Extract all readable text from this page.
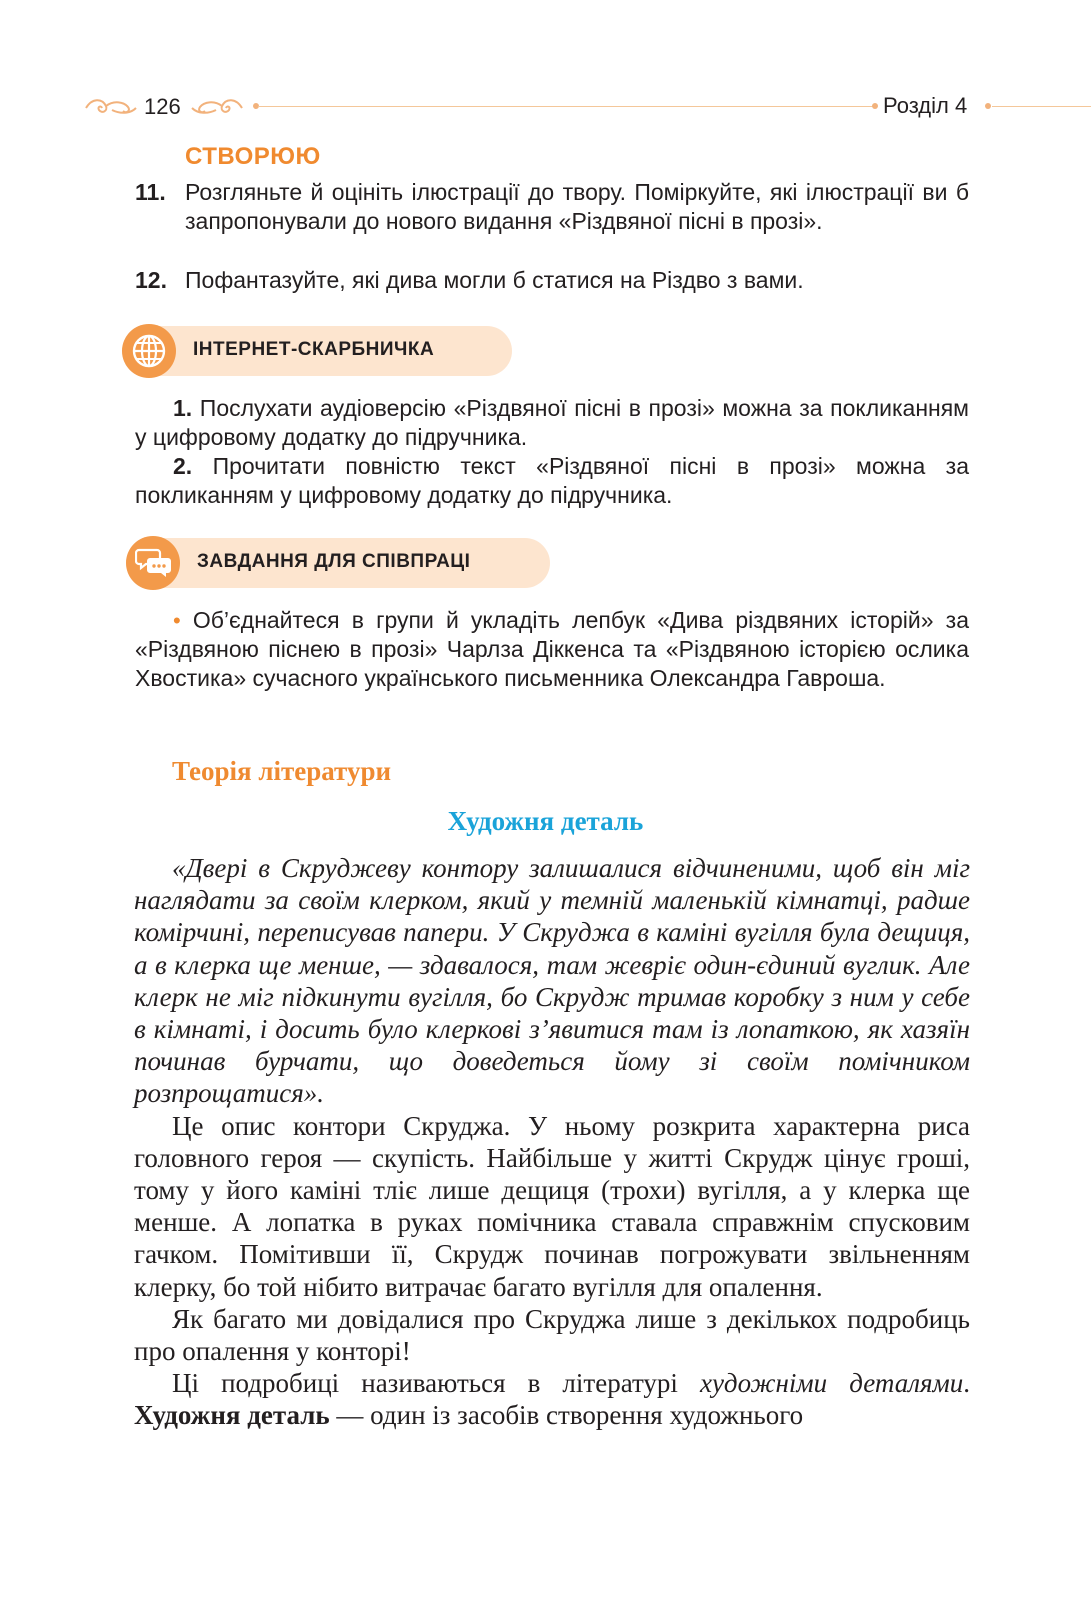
126	Розділ 4
СТВОРЮЮ
11. Розгляньте й оцініть ілюстрації до твору. Поміркуйте, які ілюстрації ви б запропонували до нового видання «Різдвяної пісні в прозі».
12. Пофантазуйте, які дива могли б статися на Різдво з вами.
ІНТЕРНЕТ-СКАРБНИЧКА
1. Послухати аудіоверсію «Різдвяної пісні в прозі» можна за покликанням у цифровому додатку до підручника.
2. Прочитати повністю текст «Різдвяної пісні в прозі» можна за покликанням у цифровому додатку до підручника.
ЗАВДАННЯ ДЛЯ СПІВПРАЦІ
• Об’єднайтеся в групи й укладіть лепбук «Дива різдвяних історій» за «Різдвяною піснею в прозі» Чарлза Діккенса та «Різдвяною історією ослика Хвостика» сучасного українського письменника Олександра Гавроша.
Теорія літератури
Художня деталь

«Двері в Скруджеву контору залишалися відчиненими, щоб він міг наглядати за своїм клерком, який у темній маленькій кімнатці, радше комірчині, переписував папери. У Скруджа в каміні вугілля була дещиця, а в клерка ще менше, — здавалося, там жевріє один-єдиний вуглик. Але клерк не міг підкинути вугілля, бо Скрудж тримав коробку з ним у себе в кімнаті, і досить було клеркові з’явитися там із лопаткою, як хазяїн починав бурчати, що доведеться йому зі своїм помічником розпрощатися».

Це опис контори Скруджа. У ньому розкрита характерна риса головного героя — скупість. Найбільше у житті Скрудж цінує гроші, тому у його каміні тліє лише дещиця (трохи) вугілля, а у клерка ще менше. А лопатка в руках помічника ставала справжнім спусковим гачком. Помітивши її, Скрудж починав погрожувати звільненням клерку, бо той нібито витрачає багато вугілля для опалення.

Як багато ми довідалися про Скруджа лише з декількох подробиць про опалення у конторі!

Ці подробиці називаються в літературі художніми деталями. Художня деталь — один із засобів створення художнього
